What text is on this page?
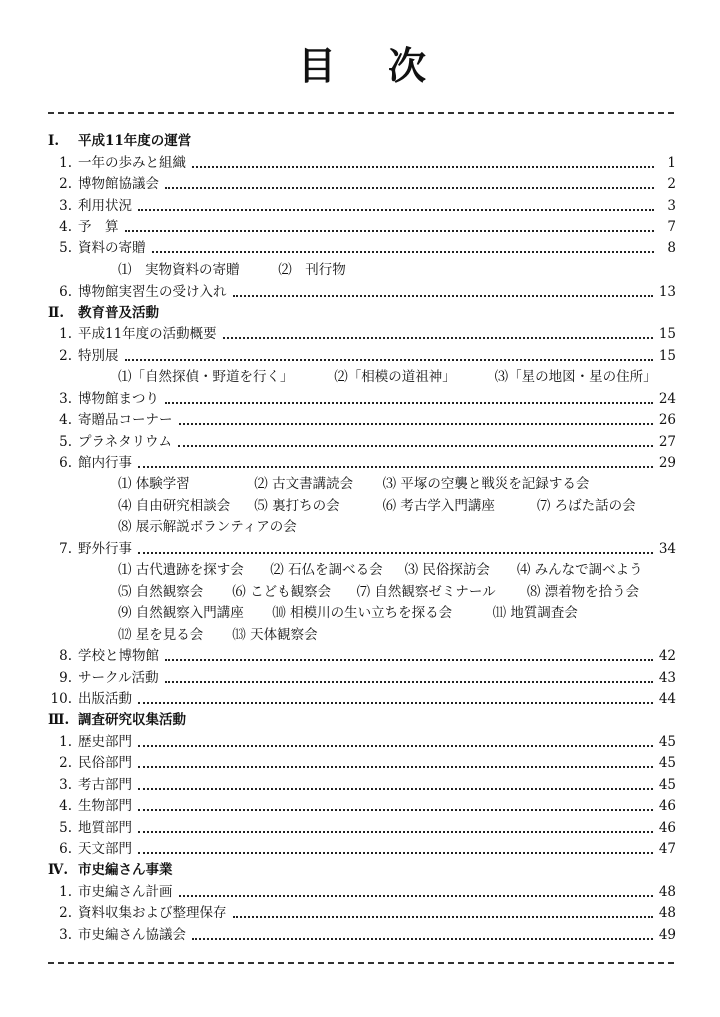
目 次
Ⅰ.	平成11年度の運営
1. 一年の歩みと組織	1
2. 博物館協議会	2
3. 利用状況	3
4. 予　算	7
5. 資料の寄贈	8
⑴　実物資料の寄贈	⑵　刊行物
6. 博物館実習生の受け入れ	13
Ⅱ.	教育普及活動
1. 平成11年度の活動概要	15
2. 特別展	15
⑴「自然探偵・野道を行く」	⑵「相模の道祖神」	⑶「星の地図・星の住所」
3. 博物館まつり	24
4. 寄贈品コーナー	26
5. プラネタリウム	27
6. 館内行事	29
⑴ 体験学習	⑵ 古文書講読会 ⑶ 平塚の空襲と戦災を記録する会
⑷ 自由研究相談会 ⑸ 裏打ちの会	⑹ 考古学入門講座	⑺ ろばた話の会
⑻ 展示解説ボランティアの会
7. 野外行事	34
⑴ 古代遺跡を探す会 ⑵ 石仏を調べる会 ⑶ 民俗探訪会 ⑷ みんなで調べよう
⑸ 自然観察会 ⑹ こども観察会 ⑺ 自然観察ゼミナール ⑻ 漂着物を拾う会
⑼ 自然観察入門講座 ⑽ 相模川の生い立ちを探る会	⑾ 地質調査会
⑿ 星を見る会 ⒀ 天体観察会
8. 学校と博物館	42
9. サークル活動	43
10. 出版活動	44
Ⅲ. 調査研究収集活動
1. 歴史部門	45
2. 民俗部門	45
3. 考古部門	45
4. 生物部門	46
5. 地質部門	46
6. 天文部門	47
Ⅳ. 市史編さん事業
1. 市史編さん計画	48
2. 資料収集および整理保存	48
3. 市史編さん協議会	49
